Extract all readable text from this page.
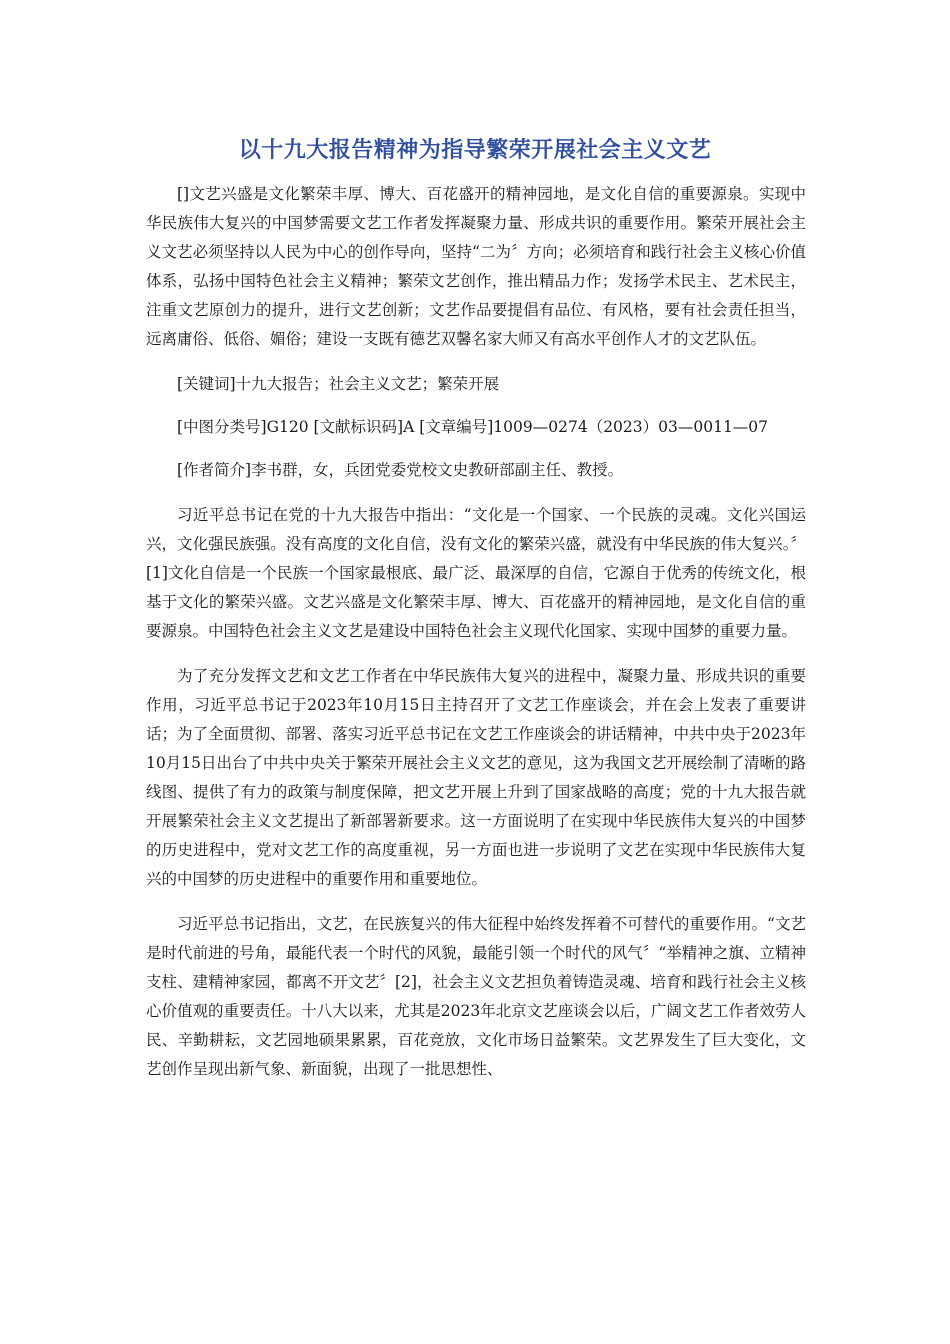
以十九大报告精神为指导繁荣开展社会主义文艺

[]文艺兴盛是文化繁荣丰厚、博大、百花盛开的精神园地，是文化自信的重要源泉。实现中华民族伟大复兴的中国梦需要文艺工作者发挥凝聚力量、形成共识的重要作用。繁荣开展社会主义文艺必须坚持以人民为中心的创作导向，坚持“二为〞方向；必须培育和践行社会主义核心价值体系，弘扬中国特色社会主义精神；繁荣文艺创作，推出精品力作；发扬学术民主、艺术民主，注重文艺原创力的提升，进行文艺创新；文艺作品要提倡有品位、有风格，要有社会责任担当，远离庸俗、低俗、媚俗；建设一支既有德艺双馨名家大师又有高水平创作人才的文艺队伍。

[关键词]十九大报告；社会主义文艺；繁荣开展

[中图分类号]G120 [文献标识码]A [文章编号]1009—0274（2023）03—0011—07

[作者简介]李书群，女，兵团党委党校文史教研部副主任、教授。

习近平总书记在党的十九大报告中指出：“文化是一个国家、一个民族的灵魂。文化兴国运兴，文化强民族强。没有高度的文化自信，没有文化的繁荣兴盛，就没有中华民族的伟大复兴。〞[1]文化自信是一个民族一个国家最根底、最广泛、最深厚的自信，它源自于优秀的传统文化，根基于文化的繁荣兴盛。文艺兴盛是文化繁荣丰厚、博大、百花盛开的精神园地，是文化自信的重要源泉。中国特色社会主义文艺是建设中国特色社会主义现代化国家、实现中国梦的重要力量。

为了充分发挥文艺和文艺工作者在中华民族伟大复兴的进程中，凝聚力量、形成共识的重要作用，习近平总书记于2023年10月15日主持召开了文艺工作座谈会，并在会上发表了重要讲话；为了全面贯彻、部署、落实习近平总书记在文艺工作座谈会的讲话精神，中共中央于2023年10月15日出台了中共中央关于繁荣开展社会主义文艺的意见，这为我国文艺开展绘制了清晰的路线图、提供了有力的政策与制度保障，把文艺开展上升到了国家战略的高度；党的十九大报告就开展繁荣社会主义文艺提出了新部署新要求。这一方面说明了在实现中华民族伟大复兴的中国梦的历史进程中，党对文艺工作的高度重视，另一方面也进一步说明了文艺在实现中华民族伟大复兴的中国梦的历史进程中的重要作用和重要地位。

习近平总书记指出，文艺，在民族复兴的伟大征程中始终发挥着不可替代的重要作用。“文艺是时代前进的号角，最能代表一个时代的风貌，最能引领一个时代的风气〞“举精神之旗、立精神支柱、建精神家园，都离不开文艺〞[2]，社会主义文艺担负着铸造灵魂、培育和践行社会主义核心价值观的重要责任。十八大以来，尤其是2023年北京文艺座谈会以后，广阔文艺工作者效劳人民、辛勤耕耘，文艺园地硕果累累，百花竞放，文化市场日益繁荣。文艺界发生了巨大变化，文艺创作呈现出新气象、新面貌，出现了一批思想性、
